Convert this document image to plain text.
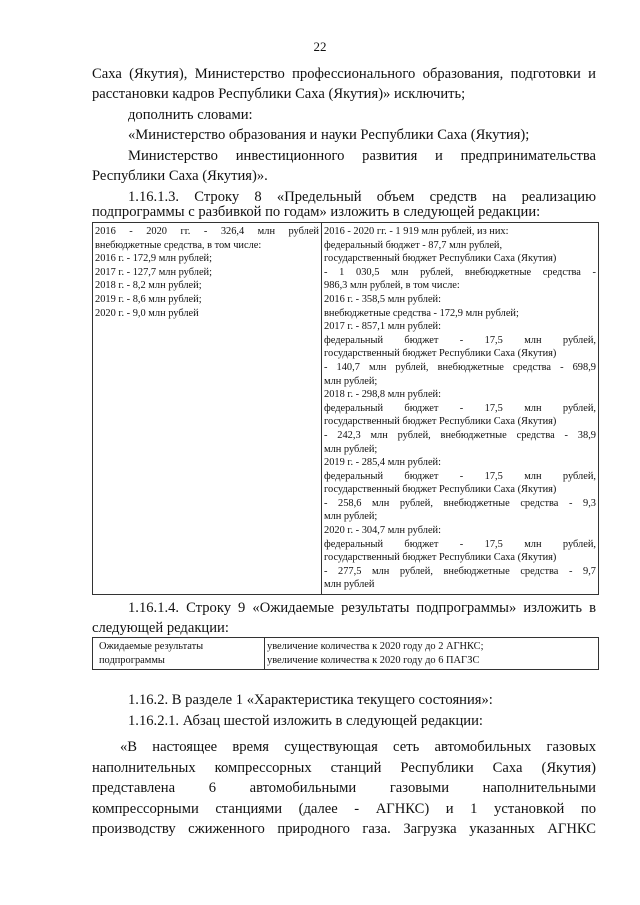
22
Саха (Якутия), Министерство профессионального образования, подготовки и
расстановки кадров Республики Саха (Якутия)» исключить;
дополнить словами:
«Министерство образования и науки Республики Саха (Якутия);
Министерство инвестиционного развития и предпринимательства
Республики Саха (Якутия)».
1.16.1.3. Строку 8 «Предельный объем средств на реализацию
подпрограммы с разбивкой по годам» изложить в следующей редакции:
2016 - 2020 гг. - 326,4 млн рублей
внебюджетные средства, в том числе:
2016 г. - 172,9 млн рублей;
2017 г. - 127,7 млн рублей;
2018 г. - 8,2 млн рублей;
2019 г. - 8,6 млн рублей;
2020 г. - 9,0 млн рублей

2016 - 2020 гг. - 1 919 млн рублей, из них:
федеральный бюджет - 87,7 млн рублей,
государственный бюджет Республики Саха (Якутия)
- 1 030,5 млн рублей, внебюджетные средства -
986,3 млн рублей, в том числе:
2016 г. - 358,5 млн рублей:
внебюджетные средства - 172,9 млн рублей;
2017 г. - 857,1 млн рублей:
федеральный бюджет - 17,5 млн рублей,
государственный бюджет Республики Саха (Якутия)
- 140,7 млн рублей, внебюджетные средства - 698,9
млн рублей;
2018 г. - 298,8 млн рублей:
федеральный бюджет - 17,5 млн рублей,
государственный бюджет Республики Саха (Якутия)
- 242,3 млн рублей, внебюджетные средства - 38,9
млн рублей;
2019 г. - 285,4 млн рублей:
федеральный бюджет - 17,5 млн рублей,
государственный бюджет Республики Саха (Якутия)
- 258,6 млн рублей, внебюджетные средства - 9,3
млн рублей;
2020 г. - 304,7 млн рублей:
федеральный бюджет - 17,5 млн рублей,
государственный бюджет Республики Саха (Якутия)
- 277,5 млн рублей, внебюджетные средства - 9,7
млн рублей
1.16.1.4. Строку 9 «Ожидаемые результаты подпрограммы» изложить в
следующей редакции:
Ожидаемые результаты
подпрограммы

увеличение количества к 2020 году до 2 АГНКС;
увеличение количества к 2020 году до 6 ПАГЗС
1.16.2. В разделе 1 «Характеристика текущего состояния»:
1.16.2.1. Абзац шестой изложить в следующей редакции:
«В настоящее время существующая сеть автомобильных газовых
наполнительных компрессорных станций Республики Саха (Якутия)
представлена 6 автомобильными газовыми наполнительными
компрессорными станциями (далее - АГНКС) и 1 установкой по
производству сжиженного природного газа. Загрузка указанных АГНКС
